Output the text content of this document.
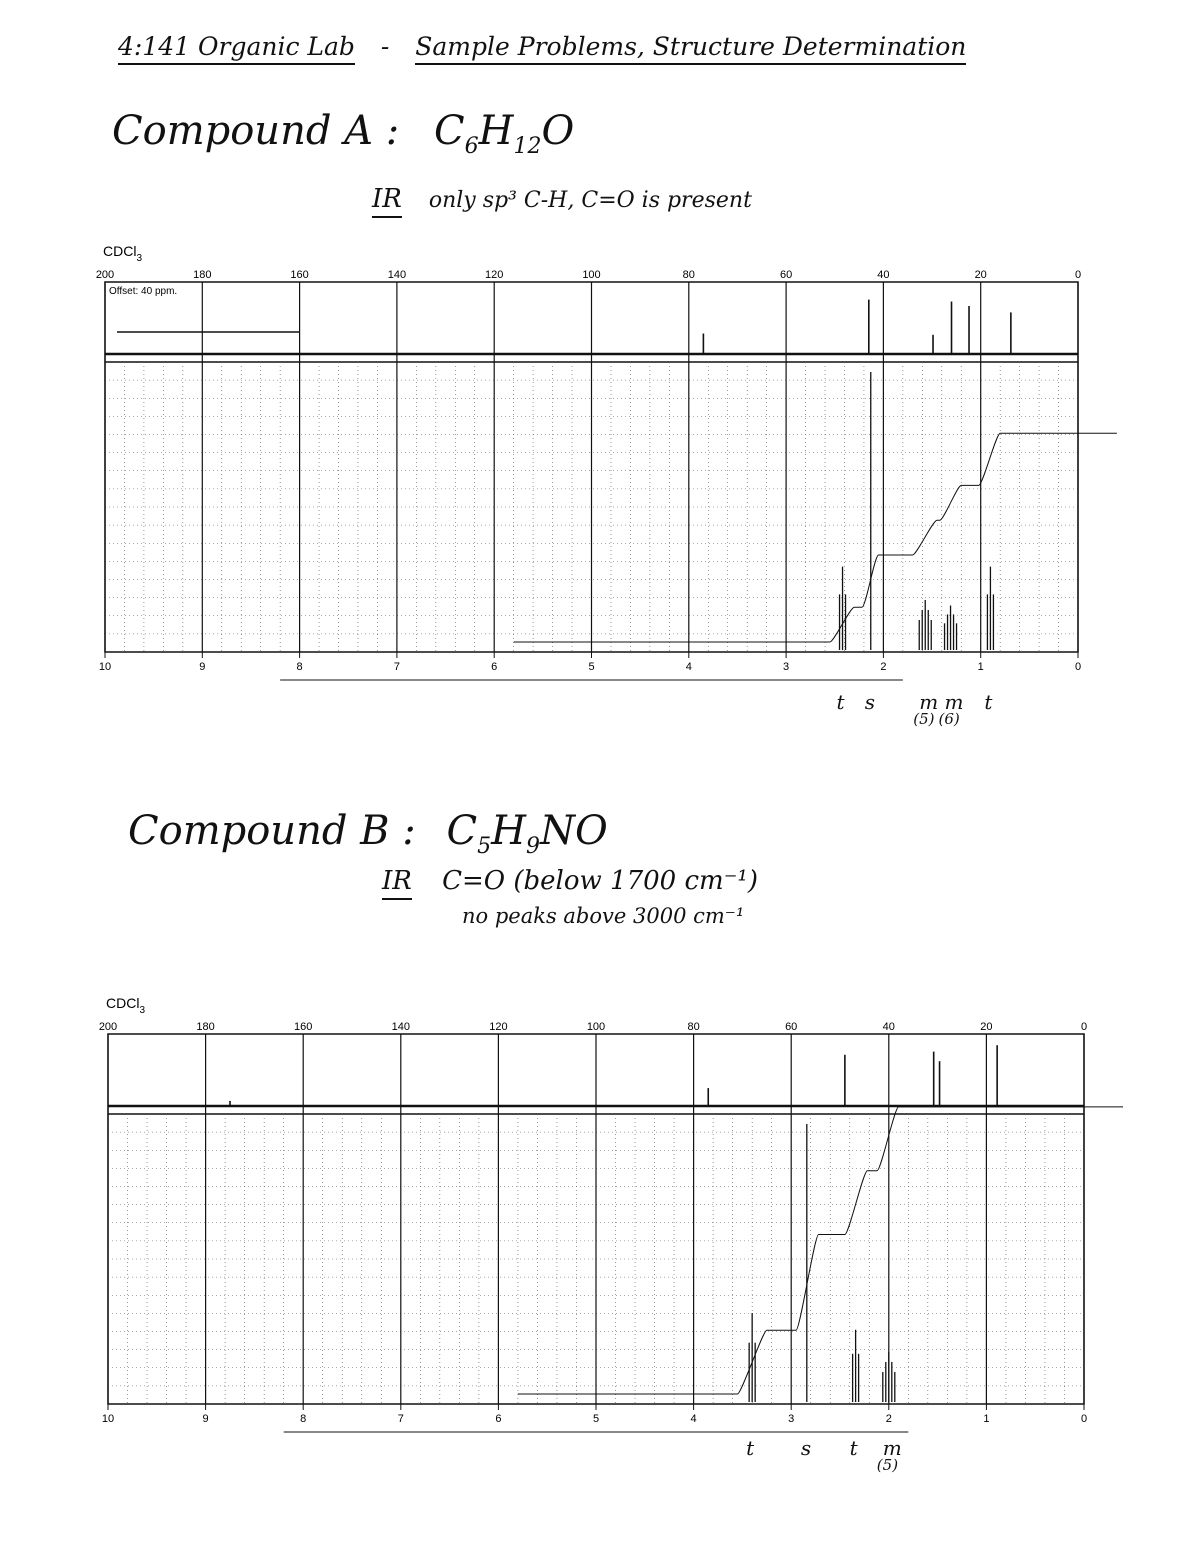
4:141 Organic Lab - Sample Problems, Structure Determination
Compound A : $C_6H_{12}O$
IR only sp³ C-H, C=O is present
CDCl$_3$
200	180	160	140	120	100	80	60	40	20	0
10	9	8	7	6	5	4	3	2	1	0
Offset: 40 ppm.
t s m m t
(5) (6)
Compound B : $C_5H_9NO$
IR C=O (below 1700 cm⁻¹)
no peaks above 3000 cm⁻¹
CDCl$_3$
200	180	160	140	120	100	80	60	40	20	0
10	9	8	7	6	5	4	3	2	1	0
t s t m
(5)
